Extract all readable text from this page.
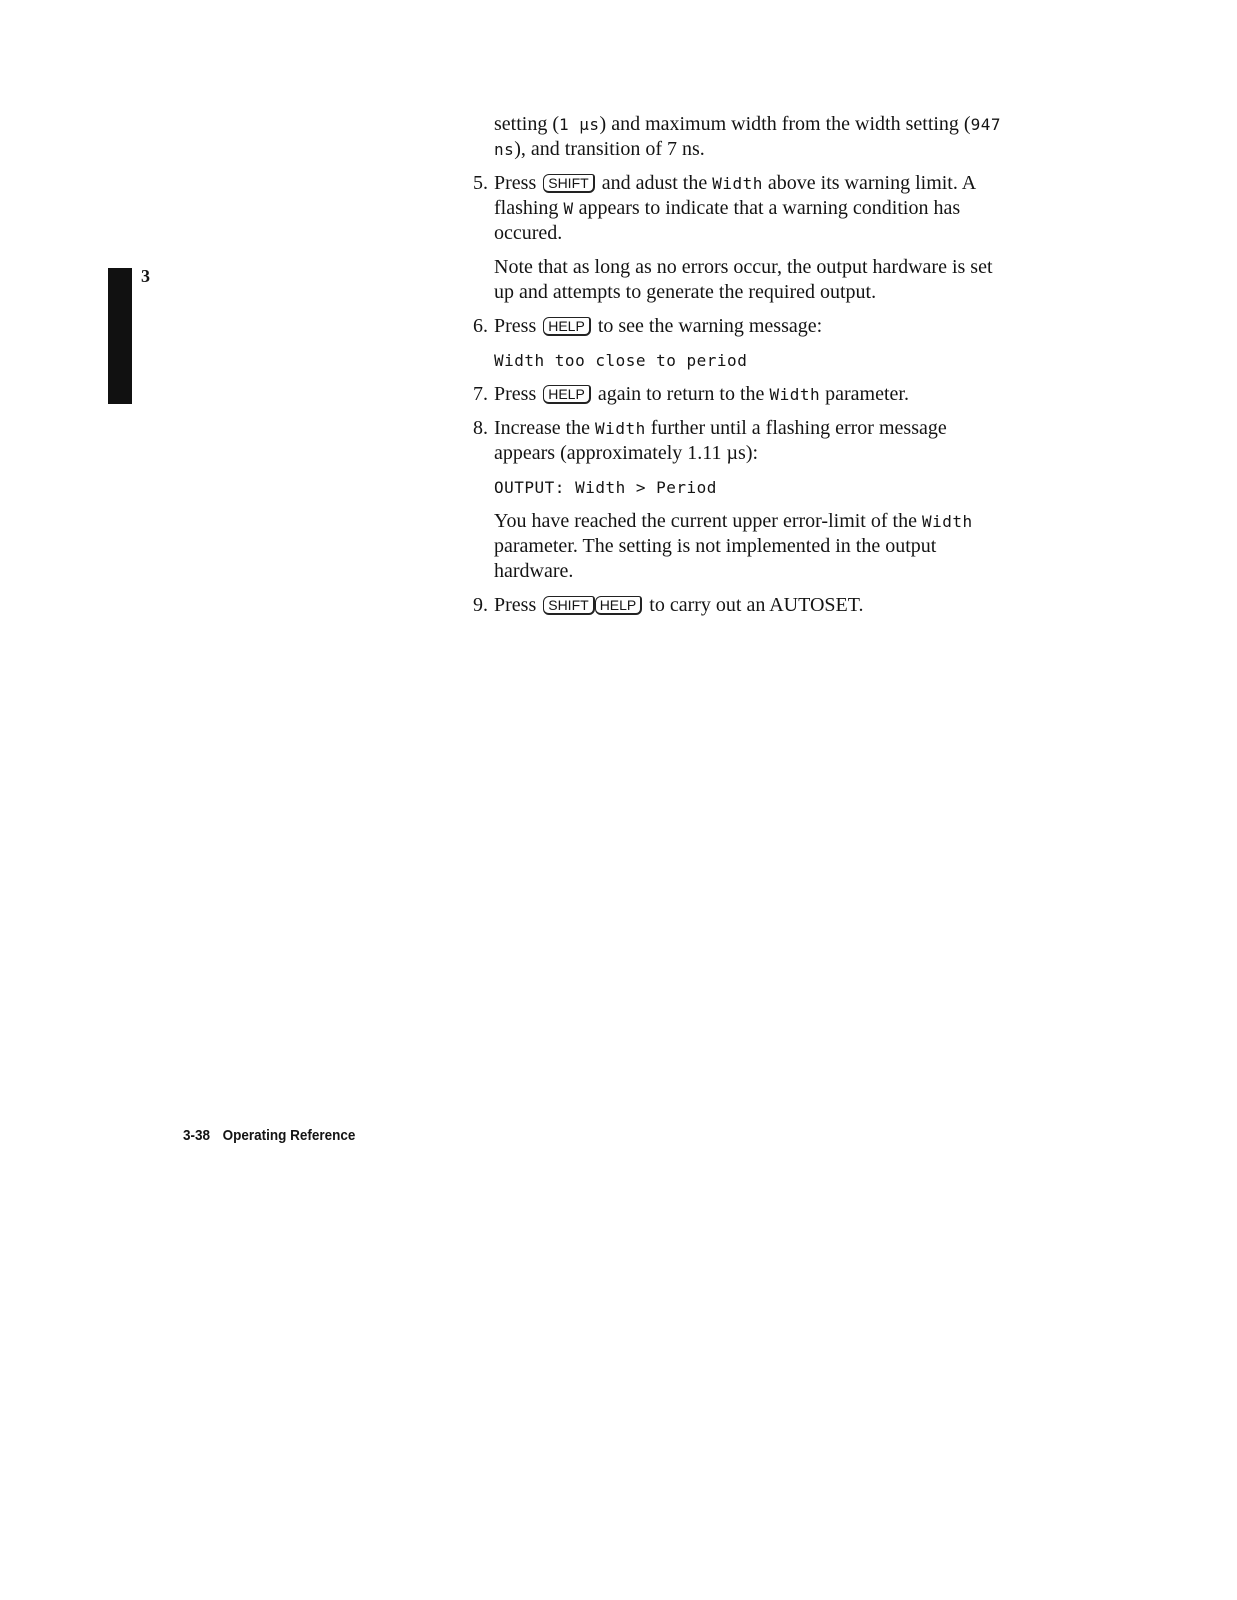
3

setting (1 µs) and maximum width from the width setting (947 ns), and transition of 7 ns.

5. Press SHIFT and adust the Width above its warning limit. A flashing W appears to indicate that a warning condition has occured.

Note that as long as no errors occur, the output hardware is set up and attempts to generate the required output.

6. Press HELP to see the warning message:

Width too close to period

7. Press HELP again to return to the Width parameter.
8. Increase the Width further until a flashing error message appears (approximately 1.11 µs):

OUTPUT: Width > Period

You have reached the current upper error-limit of the Width parameter. The setting is not implemented in the output hardware.

9. Press SHIFT HELP to carry out an AUTOSET.
3-38 Operating Reference
